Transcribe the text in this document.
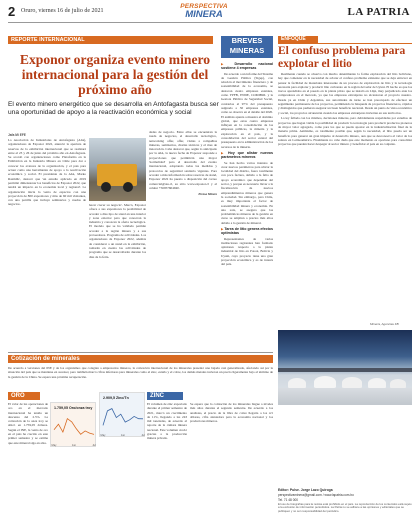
2 Oruro, viernes 16 de julio de 2021
PERSPECTIVA
MINERA	LA PATRIA
REPORTE INTERNACIONAL
Exponor organiza evento minero internacional para la gestión del próximo año
El evento minero energético que se desarrolla en Antofagasta busca ser una oportunidad de apoyo a la reactivación económica y social
Jafa Mi EFE

La Asociación de Industriales de Antofagasta (AIA), organizadores de Exponor 2022, anunció la apertura de reservas de la exhibición internacional que se realizará entre el 23 y 26 de junio del próximo año en Antofagasta. Se acordó con organizaciones como Plataforma en la Exhibición en la Industria Minera en Chile para dar a conocer los avances de la organización, y el país para actuar como una herramienta de apoyo a la reactivación económica y social. El presidente de la AIA, Marko Razmilic, destacó que 'un estudio aplicado en 2019 permitió dimensionar los beneficios de Exponor 2022, que tendrá un impacto en la economía local y regional'. La organización inicia la venta de espacios con una proyección de 800 expositores y más de 60 mil visitantes, con una parrilla que incluye seminarios y ruedas de negocios.	hacer crecer su negocio'. Marcó, Exponor ofrece a sus expositores la posibilidad de acceder a días tipo de stand en una interior y zona exterior para que conozcan la industria y conozcan la oferta tecnológica. El modelo que se ha validado permite acceder a la región minera y a sus proveedores. Programa de actividades. Los organizadores de Exponor 2022, además de considerar a un stand en la exhibición, tomarán en cuenta las actividades de programa que se desarrollarán durante los días de la feria.

dades de negocio. Entre ellas se encuentran la rueda de negocios, el desarrollo tecnológico, networking offer, offer, visitas a compañías mineras, seminarios, charlas técnicas y el mes de innovación. Cabe destacar que, según lo anticipado por la AIA, la nueva fecha de Exponor responde a proyecciones que permitirán una mayor 'normalidad' para el desarrollo del evento internacional, adoptando todas las medidas y protocolos de seguridad sanitaria vigentes. Para acceder a más información sobre reservas de stand, Exponor 2022 ha puesto a disposición del correo comercial@aia.cl, su sitio www.exponor.cl y el celular +56957604940.

Prensa Minera
BREVES
MINERAS
▶ Desarrollo nacional sostiene 4 empresas

De acuerdo a un informe del Sistema de Gestión Pública (Sigep), con relación al movimiento financiero y de sostenibilidad de la economía, se destacan cuatro empresas estatales, como YPFB, ENDE, COMIBOL y la Gestora Pública de Seguridad Social, contrarias al 97% del presupuesto asignado a 30 empresas estatales, como se observa en el detalle del 2020. El análisis apunta a muestra el dominio global, que estas cuatro empresas influyen en la consolidación de las empresas públicas, la minería y la exploración en el país, y la consolidación del sector estatal del presupuesto en la administración de los recursos de la minería.

▶ Hoy que alistar nuevos parámetros mineros

Se han hecho varios intentos de crear nuevos parámetros para ubicar la localidad del distrito, fuera totalmente con poca factura, debido a la falta de apoyo económico que dependían del sector, y porque es necesario llevar a la fiscalización de nuevos emprendimientos mineros que genera la sociedad. Sin embargo, para Chile, es muy importante el factor de sostenibilidad minera y economía. En una sola, se asegura que las problemáticas mineras de la gestión en curso se amplían a precios más altos debido a la gestión de mineral.

▶ Tarea de litio genera efectos optimistas

Representantes de varias instituciones regionales han formado opiniones respecto a la planta industrial de litio en Potosí, Bolivia y Uyuni, cuyo proyecto tiene una gran proyección económica y es de interés del país.

ENFOQUE
El confuso problema para explotar el litio

Realmente cuando se observa con mucho detenimiento la forma explotación del litio boliviano, hay que comenzar en la necesidad de aclarar el confuso problema existente que se deja entrever en pensar la facilidad de materiales interesante de un proceso de explotación de litio y la tecnología necesaria para explotar y producir litio carbonato en la región del salar de Uyuni. El hecho es que los trucos aprendidos en el pasado en la planta piloto que se instaló en Llipi, muy perjudicado ante los compradores en el mercado, ya que las empresas extranjeras no alcanzaron el proyecto nuestro. Desde ya en Chile y Argentina, sus autoridades de turno se han preocupado de efectuar un seguimiento permanente de los proyectos, permitiendo la búsqueda de proyectos financieros, rápidos y distinguidos que pudieran asegurar un buen beneficio nacional. Desde un punto de vista económico y social, los proyectos alcanzarán cuando las empresas extranjeras inviertan en sus territorios.

La ley fallada con los mismos, decisiones mineras, pero debidamente respaldadas por estudios de proyectos que hagan viable la posibilidad de producir la tecnología para producir productos pioneros de mayor valor agregado, como para los que se pueda apostar en la industrialización final de la materia prima. Asimismo, es totalmente posible que, según la necesidad, el litio pueda ser un beneficio para generar un gran impulso al desarrollo minero, aun que se desconozca el valor de los salares en Latinoamérica. Finalmente no cabe duda que este momento es oportuno para consolidar proyectos que pueden hacer despegar al sector minero y beneficiar al país en su conjunto.

Minería, Agencias FB
Editor: Pulse. Jorge Lazo Quiroga
perspectivaminera@gmail.com / www.lapatria.com.bo
Tel. 71 48 000
El uso de fotografías para la revista está prohibido en el país. La reproducción de los contenidos está sujeto a la exclusión de información periodística. La Patria no se adhiere a las opiniones y editoriales que se publiquen y no son responsabilidad del periódico.
Cotización de minerales
De acuerdo a versiones del INE y de los organismos que colegian a empresarios mineros, la cotización internacional de los minerales presentó una bajada casi generalizada, afectando así por la situación del país que se mantiene en ascenso; pero también marcó cifras inferiores para minerales como el zinc, estaño y el cobre, los demás metales tuvieron un precio ligeramente bajo al término de la gestión de la China. Se espera una próxima recuperación.
ORO
El valor de las operaciones de oro en el mercado internacional ha tenido un descenso del 2.5%. La cotización de la onza troy se ubicó en 1.759,05 dólares. Según el INE, la venta de oro en el país ha crecido en este primer semestre y se estima que este mineral siga en alza.
1.759,05 Oro/onza troy
May	Jun	Jul
2.909,5 Zinc/Tn
May	Jun	Jul
ZINC
El volumen de zinc exportado durante el primer semestre de 2021, marcó un crecimiento de 11%, llegando a las 243 mil toneladas, de acuerdo al reporte de la cámara minera nacional. Este volumen creció gracias a la producción minera privada.
Se espera que la cotización de los minerales llegue a niveles más altos durante el segundo semestre. De acuerdo a los analistas, el precio de la libra de cobre llegaría a los 4.5 dólares, cifra alentadora para la economía nacional y los productores mineros.
